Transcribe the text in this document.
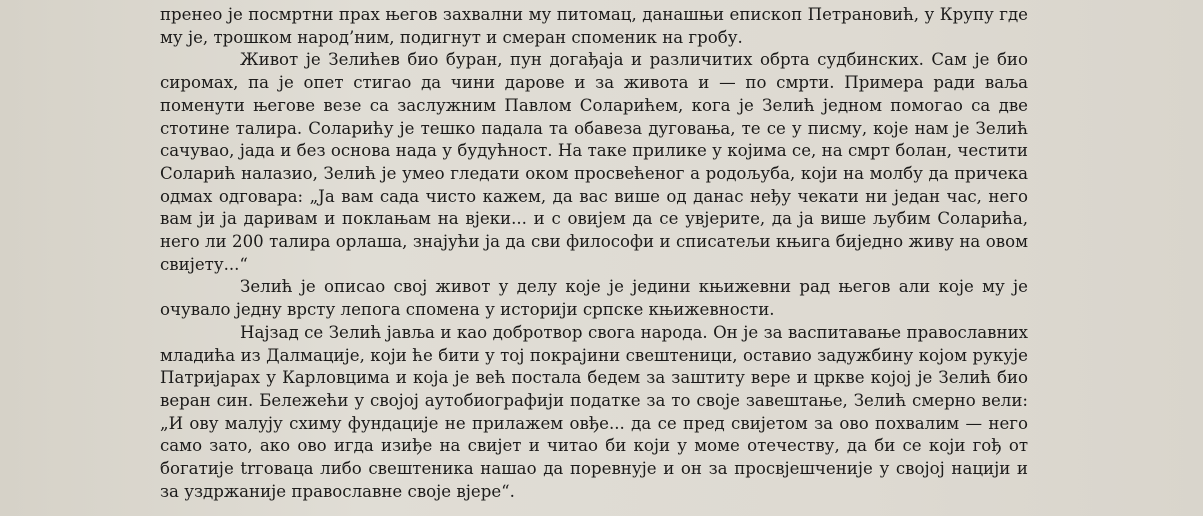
пренео је посмртни прах његов захвални му питомац, данашњи епископ Петрановић, у Крупу где му је, трошком народ’ним, подигнут и смеран споменик на гробу.

Живот је Зелићев био буран, пун догађаја и различитих обрта судбинских. Сам је био сиромах, па је опет стигао да чини дарове и за живота и — по смрти. Примера ради ваља поменути његове везе са заслужним Павлом Соларићем, кога је Зелић једном помогао са две стотине талира. Соларићу је тешко падала та обавеза дуговања, те се у писму, које нам је Зелић сачувао, јада и без основа нада у будућност. На таке прилике у којима се, на смрт болан, честити Соларић налазио, Зелић је умео гледати оком просвећеног а родољуба, који на молбу да причека одмах одговара: „Ја вам сада чисто кажем, да вас више од данас неђу чекати ни један час, него вам ји ја даривам и поклањам на вјеки... и с овијем да се увјерите, да ја више љубим Соларића, него ли 200 талира орлаша, знајући ја да сви философи и списатељи књига биједно живу на овом свијету...“

Зелић је описао свој живот у делу које је једини књижевни рад његов али које му је очувало једну врсту лепога спомена у историји српске књижевности.

Најзад се Зелић јавља и као добротвор свога народа. Он је за васпитавање православних младића из Далмације, који ће бити у тој покрајини свештеници, оставио задужбину којом рукује Патријарах у Карловцима и која је већ постала бедем за заштиту вере и цркве којој је Зелић био веран син. Бележећи у својој аутобиографији податке за то своје завештање, Зелић смерно вели: „И ову малују схиму фундације не прилажем овђе... да се пред свијетом за ово похвалим — него само зато, ако ово игда изиђе на свијет и читао би који у моме отечеству, да би се који гођ от богатије trговаца либо свештеника нашао да поревнује и он за просвјешченије у својој нацији и за уздржаније православне своје вјере“.
